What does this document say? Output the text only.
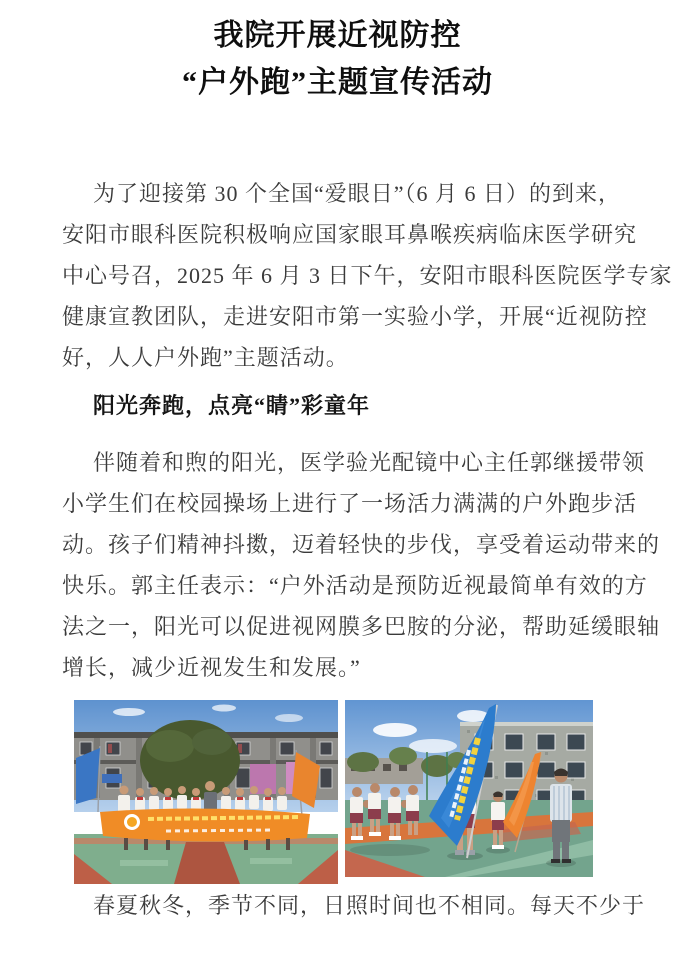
我院开展近视防控
“户外跑”主题宣传活动
为了迎接第 30 个全国“爱眼日”（6 月 6 日）的到来，
安阳市眼科医院积极响应国家眼耳鼻喉疾病临床医学研究
中心号召，2025 年 6 月 3 日下午，安阳市眼科医院医学专家
健康宣教团队，走进安阳市第一实验小学，开展“近视防控
好，人人户外跑”主题活动。
阳光奔跑，点亮“睛”彩童年
伴随着和煦的阳光，医学验光配镜中心主任郭继援带领
小学生们在校园操场上进行了一场活力满满的户外跑步活
动。孩子们精神抖擞，迈着轻快的步伐，享受着运动带来的
快乐。郭主任表示：“户外活动是预防近视最简单有效的方
法之一，阳光可以促进视网膜多巴胺的分泌，帮助延缓眼轴
增长，减少近视发生和发展。”
春夏秋冬，季节不同，日照时间也不相同。每天不少于
